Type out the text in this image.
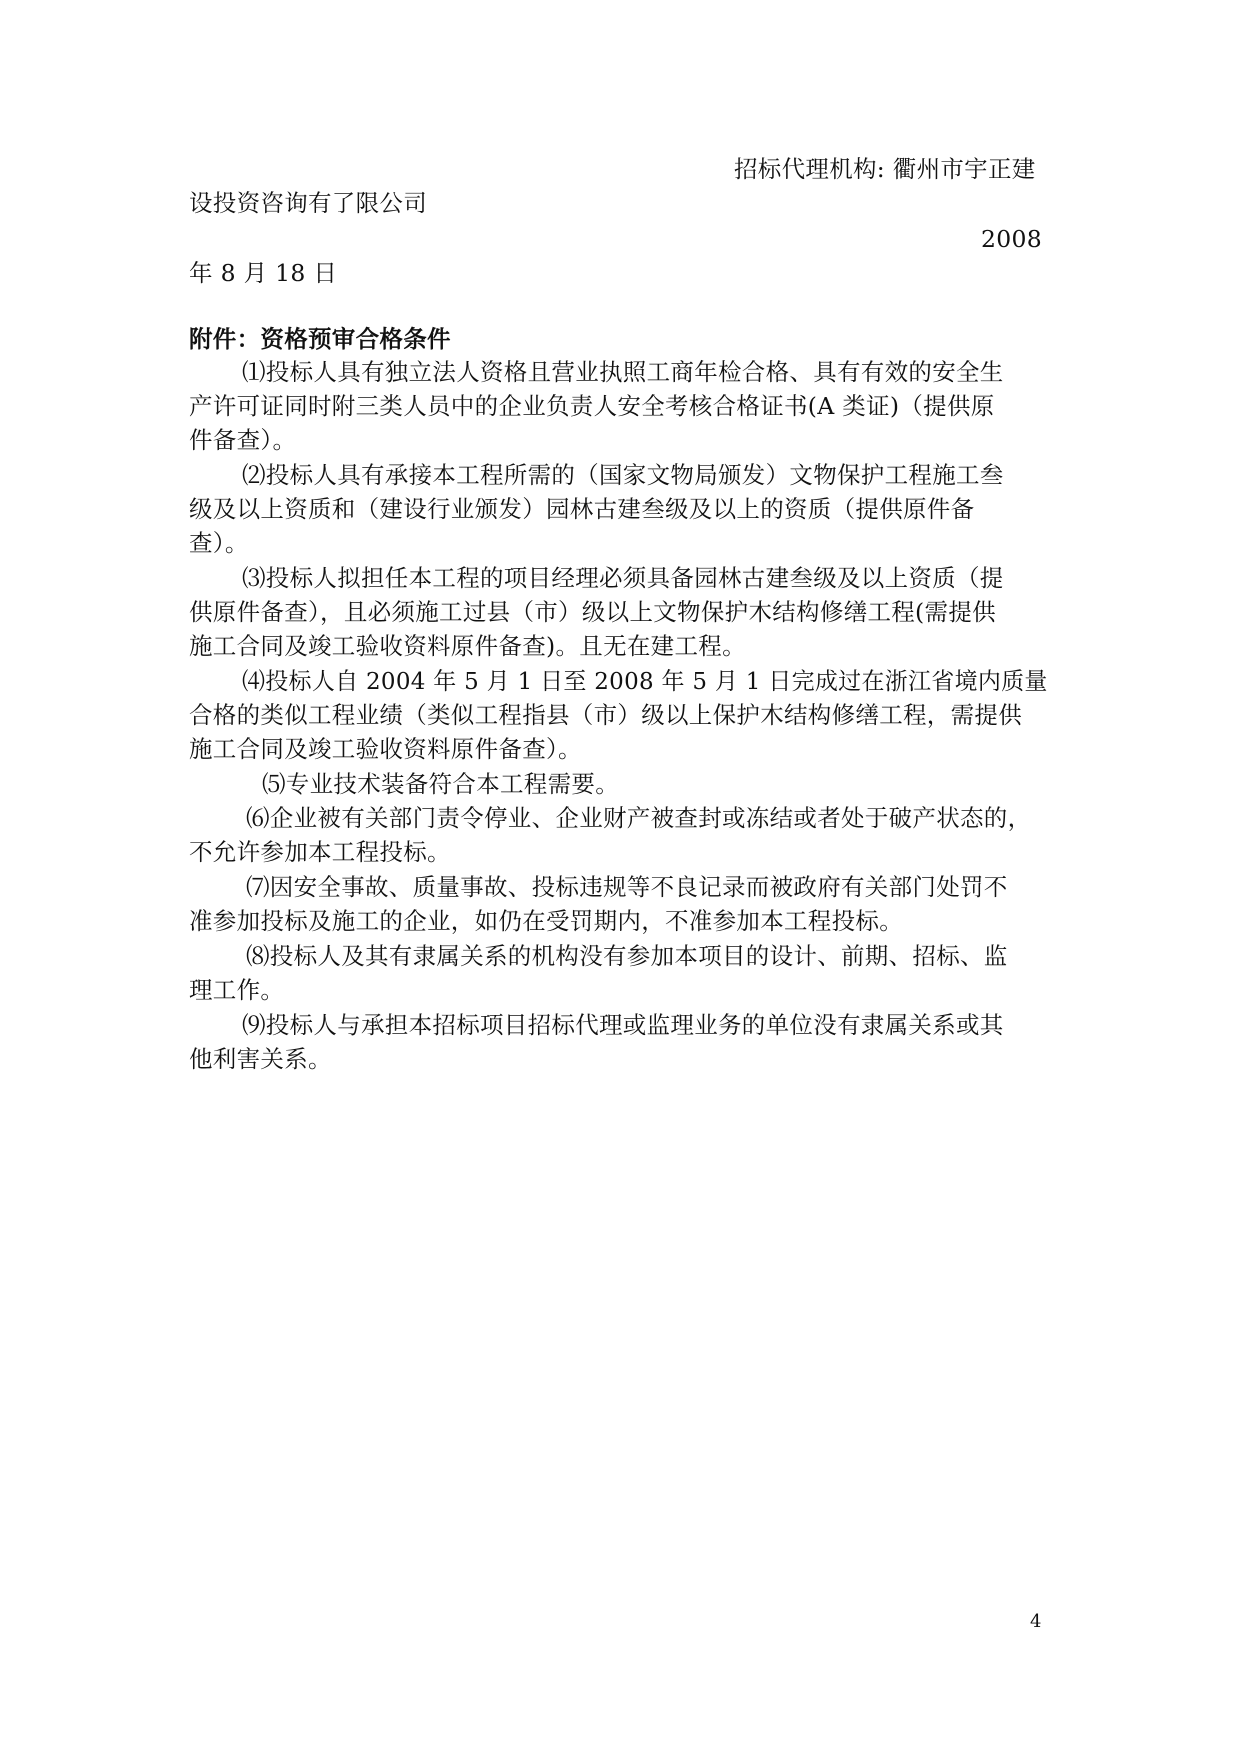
招标代理机构: 衢州市宇正建
设投资咨询有了限公司
2008
年 8 月 18 日
附件：资格预审合格条件
⑴投标人具有独立法人资格且营业执照工商年检合格、具有有效的安全生
产许可证同时附三类人员中的企业负责人安全考核合格证书(A 类证)（提供原
件备查）。
⑵投标人具有承接本工程所需的（国家文物局颁发）文物保护工程施工叁
级及以上资质和（建设行业颁发）园林古建叁级及以上的资质（提供原件备
查）。
⑶投标人拟担任本工程的项目经理必须具备园林古建叁级及以上资质（提
供原件备查），且必须施工过县（市）级以上文物保护木结构修缮工程(需提供
施工合同及竣工验收资料原件备查)。且无在建工程。
⑷投标人自 2004 年 5 月 1 日至 2008 年 5 月 1 日完成过在浙江省境内质量
合格的类似工程业绩（类似工程指县（市）级以上保护木结构修缮工程，需提供
施工合同及竣工验收资料原件备查）。
⑸专业技术装备符合本工程需要。
⑹企业被有关部门责令停业、企业财产被查封或冻结或者处于破产状态的，
不允许参加本工程投标。
⑺因安全事故、质量事故、投标违规等不良记录而被政府有关部门处罚不
准参加投标及施工的企业，如仍在受罚期内，不准参加本工程投标。
⑻投标人及其有隶属关系的机构没有参加本项目的设计、前期、招标、监
理工作。
⑼投标人与承担本招标项目招标代理或监理业务的单位没有隶属关系或其
他利害关系。
4
